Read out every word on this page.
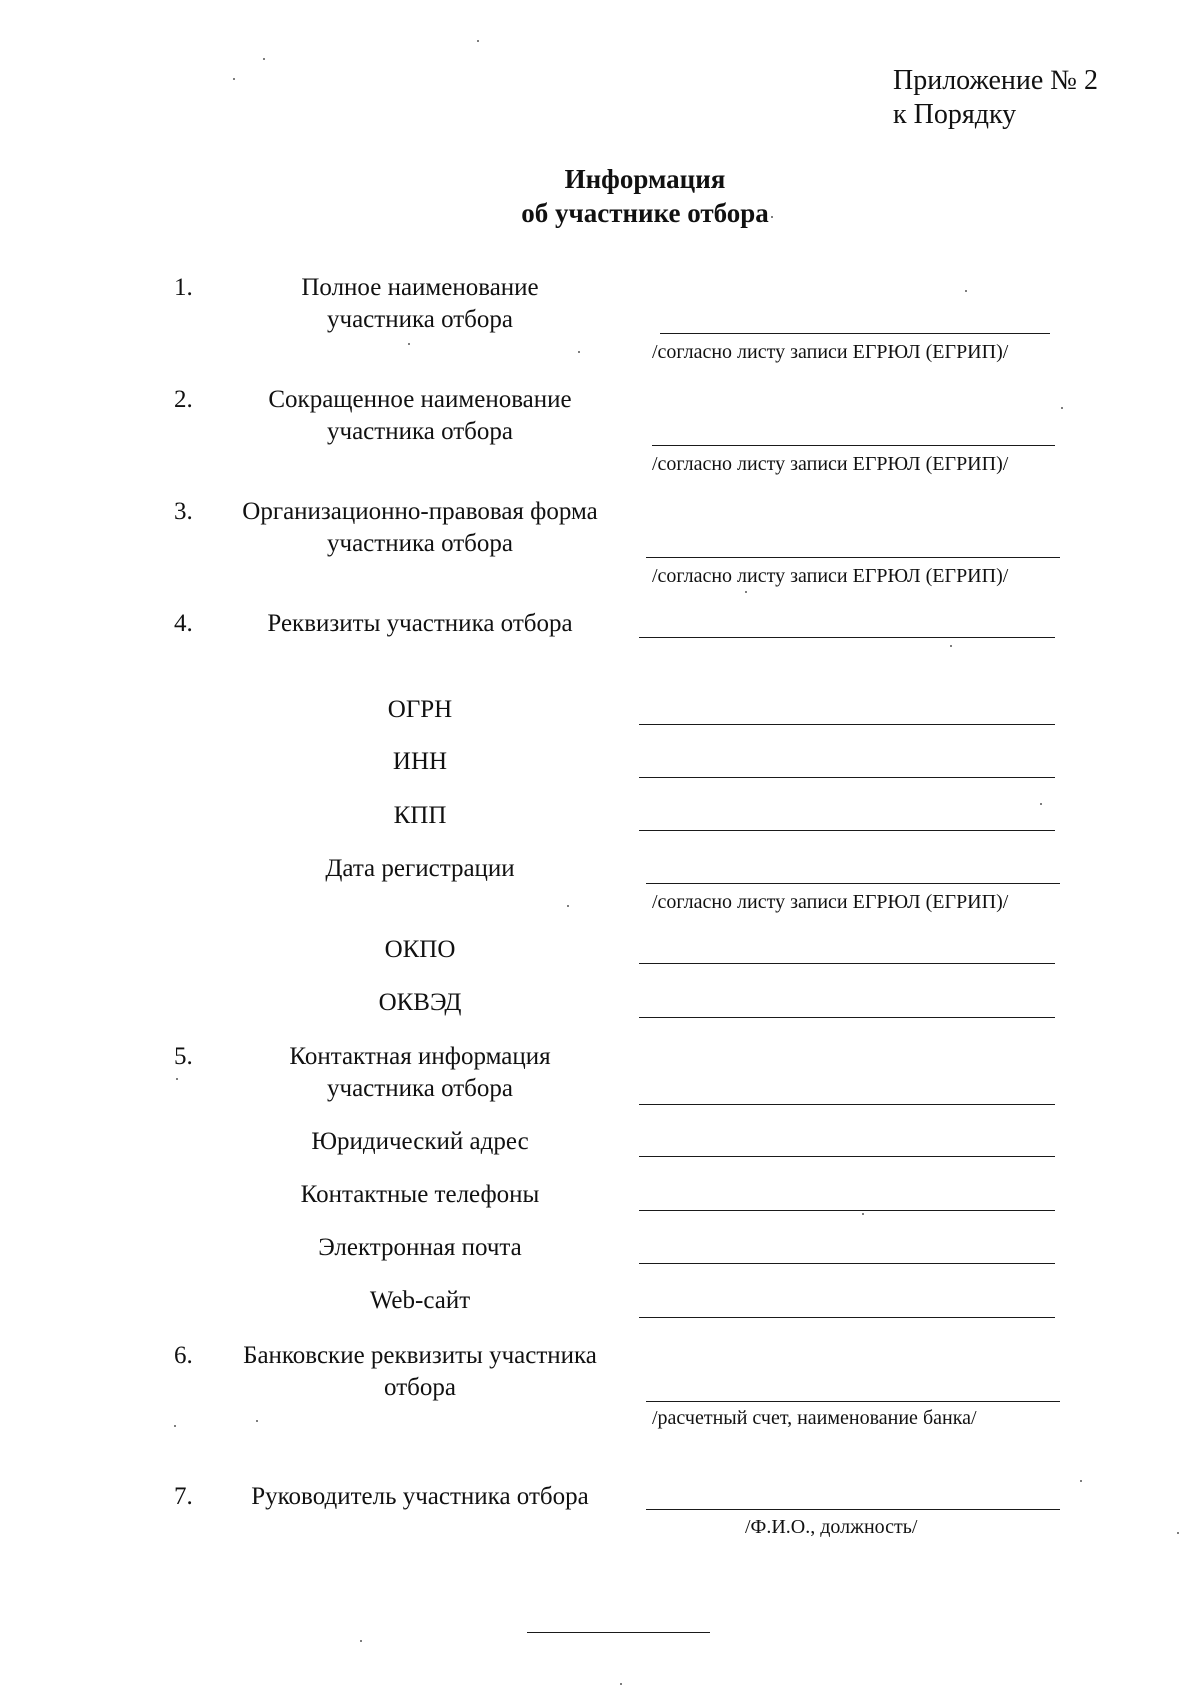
Приложение № 2
к Порядку
Информация
об участнике отбора
1.	Полное наименование
участника отбора
/согласно листу записи ЕГРЮЛ (ЕГРИП)/
2.	Сокращенное наименование
участника отбора
/согласно листу записи ЕГРЮЛ (ЕГРИП)/
3.	Организационно-правовая форма
участника отбора
/согласно листу записи ЕГРЮЛ (ЕГРИП)/
4.	Реквизиты участника отбора
ОГРН
ИНН
КПП
Дата регистрации
/согласно листу записи ЕГРЮЛ (ЕГРИП)/
ОКПО
ОКВЭД
5.	Контактная информация
участника отбора
Юридический адрес
Контактные телефоны
Электронная почта
Web-сайт
6.	Банковские реквизиты участника
отбора
/расчетный счет, наименование банка/
7.	Руководитель участника отбора
/Ф.И.О., должность/
